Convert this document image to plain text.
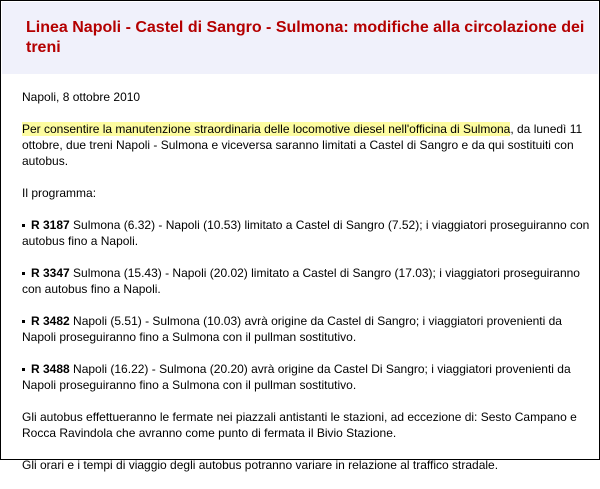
Linea Napoli - Castel di Sangro - Sulmona: modifiche alla circolazione dei treni

Napoli, 8 ottobre 2010

Per consentire la manutenzione straordinaria delle locomotive diesel nell'officina di Sulmona, da lunedì 11 ottobre, due treni Napoli - Sulmona e viceversa saranno limitati a Castel di Sangro e da qui sostituiti con autobus.

Il programma:

R 3187 Sulmona (6.32) - Napoli (10.53) limitato a Castel di Sangro (7.52); i viaggiatori proseguiranno con autobus fino a Napoli.

R 3347 Sulmona (15.43) - Napoli (20.02) limitato a Castel di Sangro (17.03); i viaggiatori proseguiranno con autobus fino a Napoli.

R 3482 Napoli (5.51) - Sulmona (10.03) avrà origine da Castel di Sangro; i viaggiatori provenienti da Napoli proseguiranno fino a Sulmona con il pullman sostitutivo.

R 3488 Napoli (16.22) - Sulmona (20.20) avrà origine da Castel Di Sangro; i viaggiatori provenienti da Napoli proseguiranno fino a Sulmona con il pullman sostitutivo.

Gli autobus effettueranno le fermate nei piazzali antistanti le stazioni, ad eccezione di: Sesto Campano e Rocca Ravindola che avranno come punto di fermata il Bivio Stazione.

Gli orari e i tempi di viaggio degli autobus potranno variare in relazione al traffico stradale.
